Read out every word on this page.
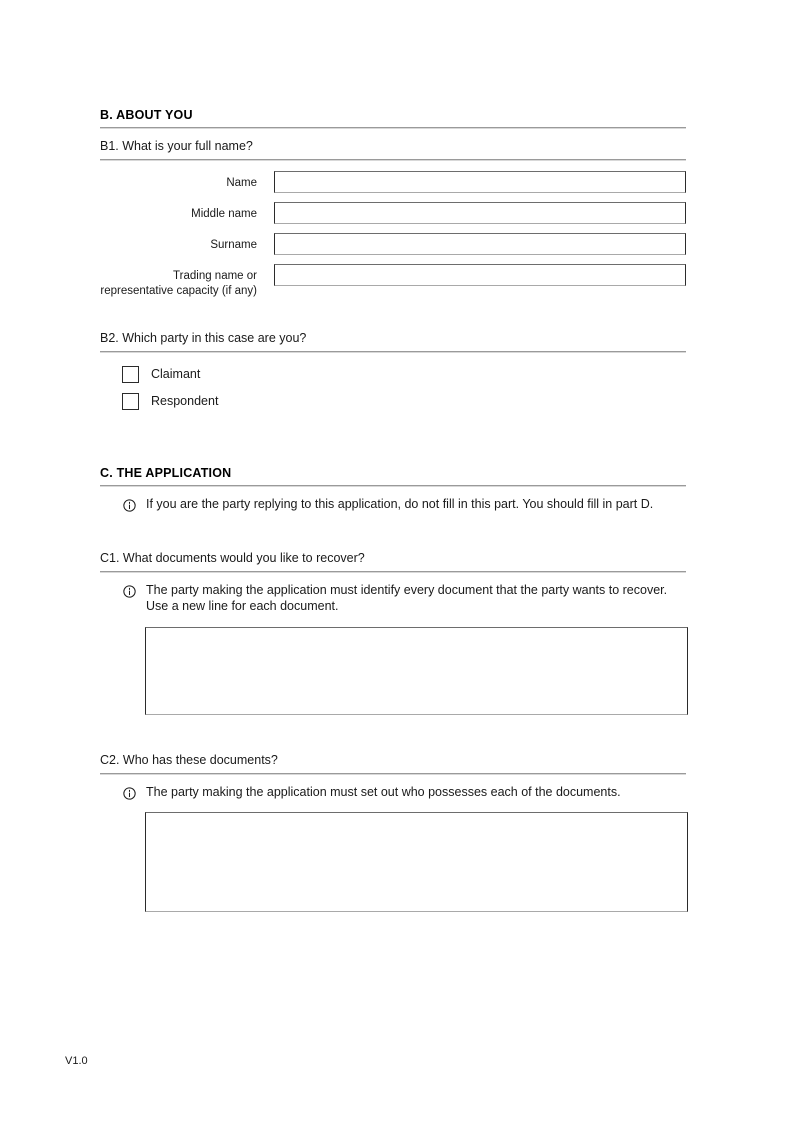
B. ABOUT YOU
B1. What is your full name?
Name
Middle name
Surname
Trading name or representative capacity (if any)
B2. Which party in this case are you?
Claimant
Respondent
C. THE APPLICATION
If you are the party replying to this application, do not fill in this part. You should fill in part D.
C1. What documents would you like to recover?
The party making the application must identify every document that the party wants to recover. Use a new line for each document.
C2. Who has these documents?
The party making the application must set out who possesses each of the documents.
V1.0
